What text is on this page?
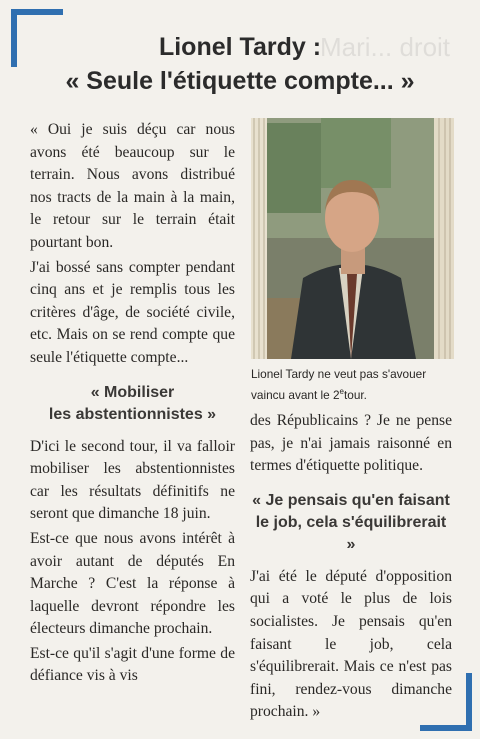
Mari... droit
Lionel Tardy :
« Seule l'étiquette compte... »

« Oui je suis déçu car nous avons été beaucoup sur le terrain. Nous avons distribué nos tracts de la main à la main, le retour sur le terrain était pourtant bon.

J'ai bossé sans compter pendant cinq ans et je remplis tous les critères d'âge, de société civile, etc. Mais on se rend compte que seule l'étiquette compte...

« Mobiliser
les abstentionnistes »

D'ici le second tour, il va falloir mobiliser les abstentionnistes car les résultats définitifs ne seront que dimanche 18 juin.

Est-ce que nous avons intérêt à avoir autant de députés En Marche ? C'est la réponse à laquelle devront répondre les électeurs dimanche prochain.

Est-ce qu'il s'agit d'une forme de défiance vis à vis

Lionel Tardy ne veut pas s'avouer vaincu avant le 2etour.

des Républicains ? Je ne pense pas, je n'ai jamais raisonné en termes d'étiquette politique.

« Je pensais qu'en faisant
le job, cela s'équilibrerait »

J'ai été le député d'opposition qui a voté le plus de lois socialistes. Je pensais qu'en faisant le job, cela s'équilibrerait. Mais ce n'est pas fini, rendez-vous dimanche prochain. »
